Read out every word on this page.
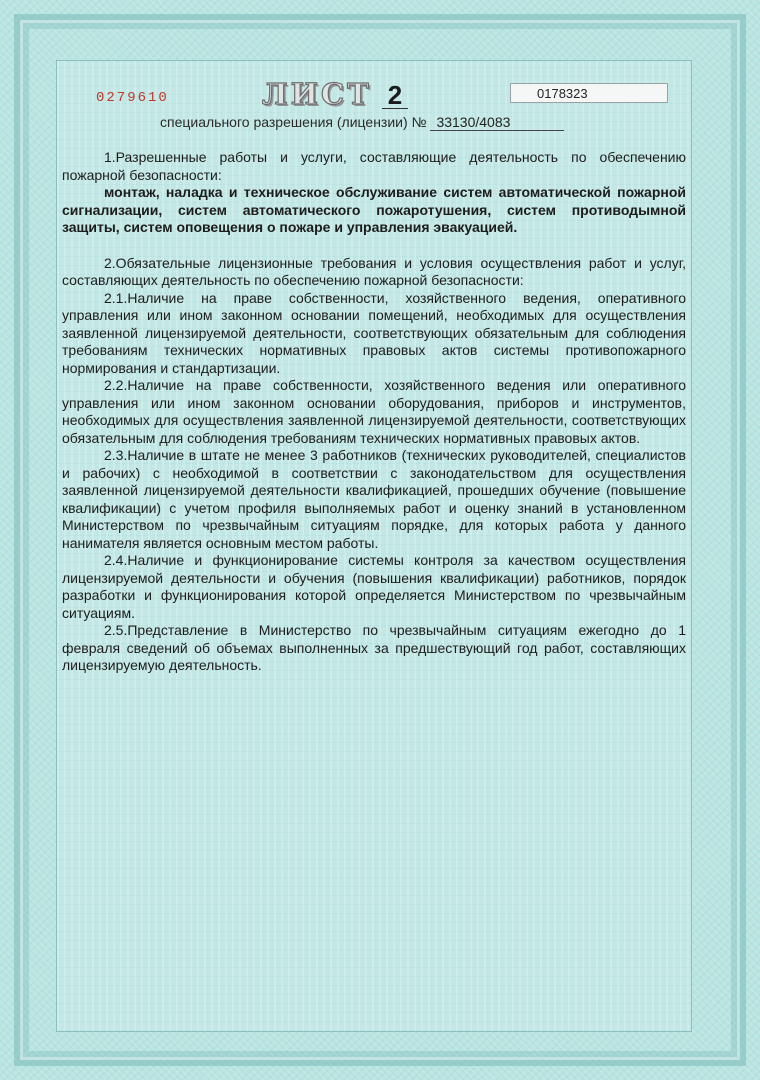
0279610	ЛИСТ 2	0178323
специального разрешения (лицензии) № 33130/4083

1.Разрешенные работы и услуги, составляющие деятельность по обеспечению пожарной безопасности:

монтаж, наладка и техническое обслуживание систем автоматической пожарной сигнализации, систем автоматического пожаротушения, систем противодымной защиты, систем оповещения о пожаре и управления эвакуацией.

2.Обязательные лицензионные требования и условия осуществления работ и услуг, составляющих деятельность по обеспечению пожарной безопасности:

2.1.Наличие на праве собственности, хозяйственного ведения, оперативного управления или ином законном основании помещений, необходимых для осуществления заявленной лицензируемой деятельности, соответствующих обязательным для соблюдения требованиям технических нормативных правовых актов системы противопожарного нормирования и стандартизации.

2.2.Наличие на праве собственности, хозяйственного ведения или оперативного управления или ином законном основании оборудования, приборов и инструментов, необходимых для осуществления заявленной лицензируемой деятельности, соответствующих обязательным для соблюдения требованиям технических нормативных правовых актов.

2.3.Наличие в штате не менее 3 работников (технических руководителей, специалистов и рабочих) с необходимой в соответствии с законодательством для осуществления заявленной лицензируемой деятельности квалификацией, прошедших обучение (повышение квалификации) с учетом профиля выполняемых работ и оценку знаний в установленном Министерством по чрезвычайным ситуациям порядке, для которых работа у данного нанимателя является основным местом работы.

2.4.Наличие и функционирование системы контроля за качеством осуществления лицензируемой деятельности и обучения (повышения квалификации) работников, порядок разработки и функционирования которой определяется Министерством по чрезвычайным ситуациям.

2.5.Представление в Министерство по чрезвычайным ситуациям ежегодно до 1 февраля сведений об объемах выполненных за предшествующий год работ, составляющих лицензируемую деятельность.
